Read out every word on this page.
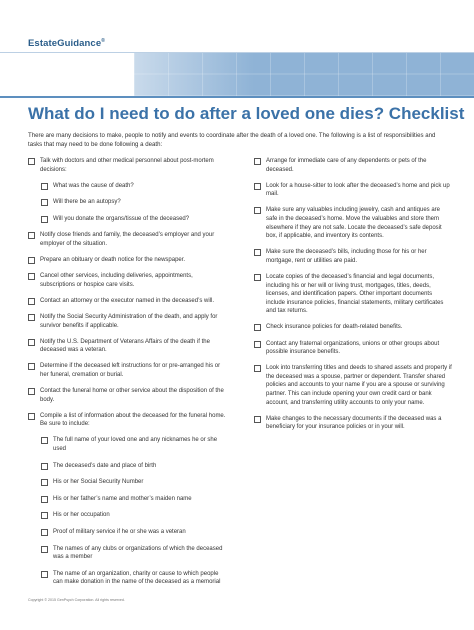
EstateGuidance®
What do I need to do after a loved one dies? Checklist
There are many decisions to make, people to notify and events to coordinate after the death of a loved one. The following is a list of responsibilities and tasks that may need to be done following a death:
Talk with doctors and other medical personnel about post-mortem decisions:
What was the cause of death?
Will there be an autopsy?
Will you donate the organs/tissue of the deceased?
Notify close friends and family, the deceased’s employer and your employer of the situation.
Prepare an obituary or death notice for the newspaper.
Cancel other services, including deliveries, appointments, subscriptions or hospice care visits.
Contact an attorney or the executor named in the deceased’s will.
Notify the Social Security Administration of the death, and apply for survivor benefits if applicable.
Notify the U.S. Department of Veterans Affairs of the death if the deceased was a veteran.
Determine if the deceased left instructions for or pre-arranged his or her funeral, cremation or burial.
Contact the funeral home or other service about the disposition of the body.
Compile a list of information about the deceased for the funeral home. Be sure to include:
The full name of your loved one and any nicknames he or she used
The deceased’s date and place of birth
His or her Social Security Number
His or her father’s name and mother’s maiden name
His or her occupation
Proof of military service if he or she was a veteran
The names of any clubs or organizations of which the deceased was a member
The name of an organization, charity or cause to which people can make donation in the name of the deceased as a memorial
Arrange for immediate care of any dependents or pets of the deceased.
Look for a house-sitter to look after the deceased’s home and pick up mail.
Make sure any valuables including jewelry, cash and antiques are safe in the deceased’s home. Move the valuables and store them elsewhere if they are not safe. Locate the deceased’s safe deposit box, if applicable, and inventory its contents.
Make sure the deceased’s bills, including those for his or her mortgage, rent or utilities are paid.
Locate copies of the deceased’s financial and legal documents, including his or her will or living trust, mortgages, titles, deeds, licenses, and identification papers. Other important documents include insurance policies, financial statements, military certificates and tax returns.
Check insurance policies for death-related benefits.
Contact any fraternal organizations, unions or other groups about possible insurance benefits.
Look into transferring titles and deeds to shared assets and property if the deceased was a spouse, partner or dependent. Transfer shared policies and accounts to your name if you are a spouse or surviving partner. This can include opening your own credit card or bank account, and transferring utility accounts to only your name.
Make changes to the necessary documents if the deceased was a beneficiary for your insurance policies or in your will.
Copyright © 2015 GenPsych Corporation. All rights reserved.
